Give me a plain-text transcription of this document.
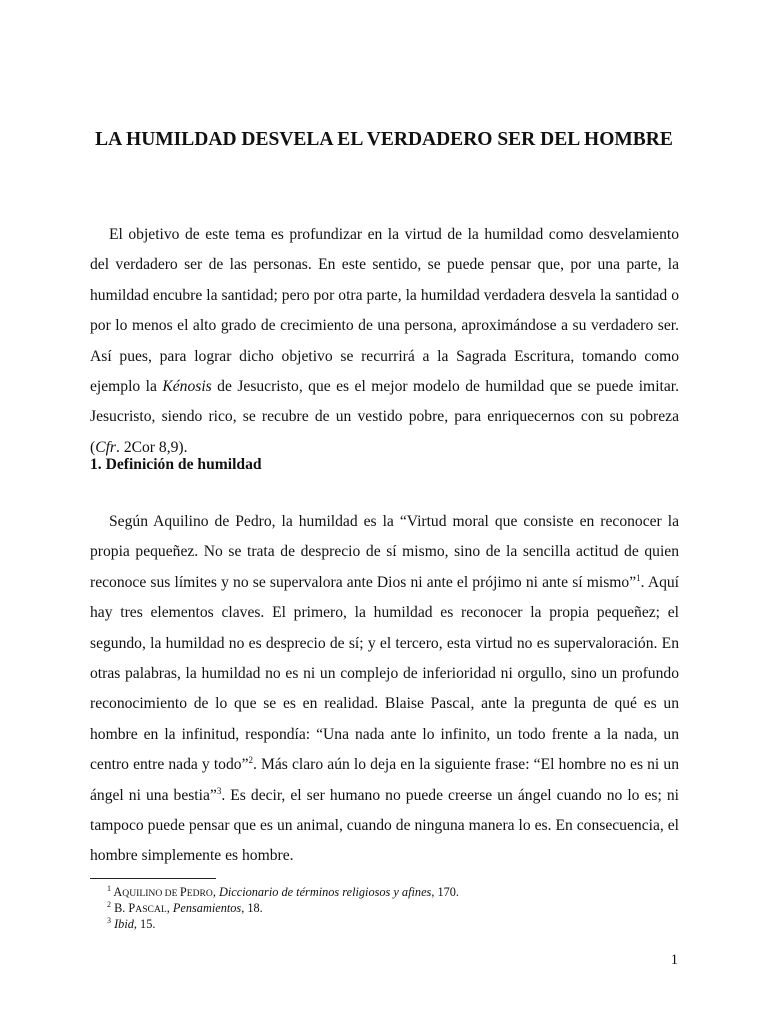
LA HUMILDAD DESVELA EL VERDADERO SER DEL HOMBRE

El objetivo de este tema es profundizar en la virtud de la humildad como desvelamiento del verdadero ser de las personas. En este sentido, se puede pensar que, por una parte, la humildad encubre la santidad; pero por otra parte, la humildad verdadera desvela la santidad o por lo menos el alto grado de crecimiento de una persona, aproximándose a su verdadero ser. Así pues, para lograr dicho objetivo se recurrirá a la Sagrada Escritura, tomando como ejemplo la Kénosis de Jesucristo, que es el mejor modelo de humildad que se puede imitar. Jesucristo, siendo rico, se recubre de un vestido pobre, para enriquecernos con su pobreza (Cfr. 2Cor 8,9).

1. Definición de humildad

Según Aquilino de Pedro, la humildad es la “Virtud moral que consiste en reconocer la propia pequeñez. No se trata de desprecio de sí mismo, sino de la sencilla actitud de quien reconoce sus límites y no se supervalora ante Dios ni ante el prójimo ni ante sí mismo”$^1$. Aquí hay tres elementos claves. El primero, la humildad es reconocer la propia pequeñez; el segundo, la humildad no es desprecio de sí; y el tercero, esta virtud no es supervaloración. En otras palabras, la humildad no es ni un complejo de inferioridad ni orgullo, sino un profundo reconocimiento de lo que se es en realidad. Blaise Pascal, ante la pregunta de qué es un hombre en la infinitud, respondía: “Una nada ante lo infinito, un todo frente a la nada, un centro entre nada y todo”$^2$. Más claro aún lo deja en la siguiente frase: “El hombre no es ni un ángel ni una bestia”$^3$. Es decir, el ser humano no puede creerse un ángel cuando no lo es; ni tampoco puede pensar que es un animal, cuando de ninguna manera lo es. En consecuencia, el hombre simplemente es hombre.

$^1$ AQUILINO DE PEDRO, Diccionario de términos religiosos y afines, 170.
$^2$ B. PASCAL, Pensamientos, 18.
$^3$ Ibid, 15.
1
